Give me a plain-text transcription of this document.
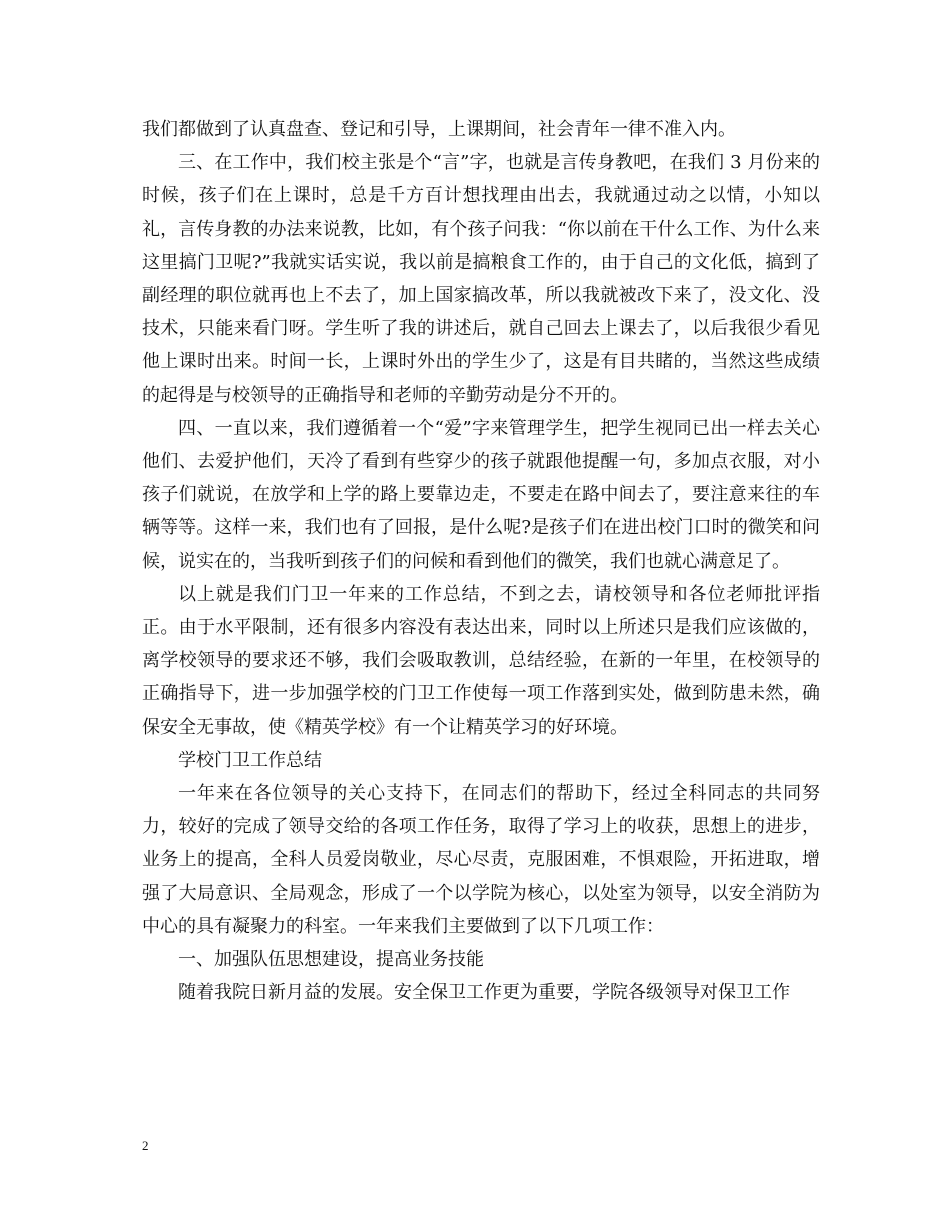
我们都做到了认真盘查、登记和引导，上课期间，社会青年一律不准入内。

三、在工作中，我们校主张是个“言”字，也就是言传身教吧，在我们 3 月份来的时候，孩子们在上课时，总是千方百计想找理由出去，我就通过动之以情，小知以礼，言传身教的办法来说教，比如，有个孩子问我：“你以前在干什么工作、为什么来这里搞门卫呢?”我就实话实说，我以前是搞粮食工作的，由于自己的文化低，搞到了副经理的职位就再也上不去了，加上国家搞改革，所以我就被改下来了，没文化、没技术，只能来看门呀。学生听了我的讲述后，就自己回去上课去了，以后我很少看见他上课时出来。时间一长，上课时外出的学生少了，这是有目共睹的，当然这些成绩的起得是与校领导的正确指导和老师的辛勤劳动是分不开的。

四、一直以来，我们遵循着一个“爱”字来管理学生，把学生视同已出一样去关心他们、去爱护他们，天冷了看到有些穿少的孩子就跟他提醒一句，多加点衣服，对小孩子们就说，在放学和上学的路上要靠边走，不要走在路中间去了，要注意来往的车辆等等。这样一来，我们也有了回报，是什么呢?是孩子们在进出校门口时的微笑和问候，说实在的，当我听到孩子们的问候和看到他们的微笑，我们也就心满意足了。

以上就是我们门卫一年来的工作总结，不到之去，请校领导和各位老师批评指正。由于水平限制，还有很多内容没有表达出来，同时以上所述只是我们应该做的，离学校领导的要求还不够，我们会吸取教训，总结经验，在新的一年里，在校领导的正确指导下，进一步加强学校的门卫工作使每一项工作落到实处，做到防患未然，确保安全无事故，使《精英学校》有一个让精英学习的好环境。

学校门卫工作总结

一年来在各位领导的关心支持下，在同志们的帮助下，经过全科同志的共同努力，较好的完成了领导交给的各项工作任务，取得了学习上的收获，思想上的进步，业务上的提高，全科人员爱岗敬业，尽心尽责，克服困难，不惧艰险，开拓进取，增强了大局意识、全局观念，形成了一个以学院为核心，以处室为领导，以安全消防为中心的具有凝聚力的科室。一年来我们主要做到了以下几项工作：

一、加强队伍思想建设，提高业务技能

随着我院日新月益的发展。安全保卫工作更为重要，学院各级领导对保卫工作

2
